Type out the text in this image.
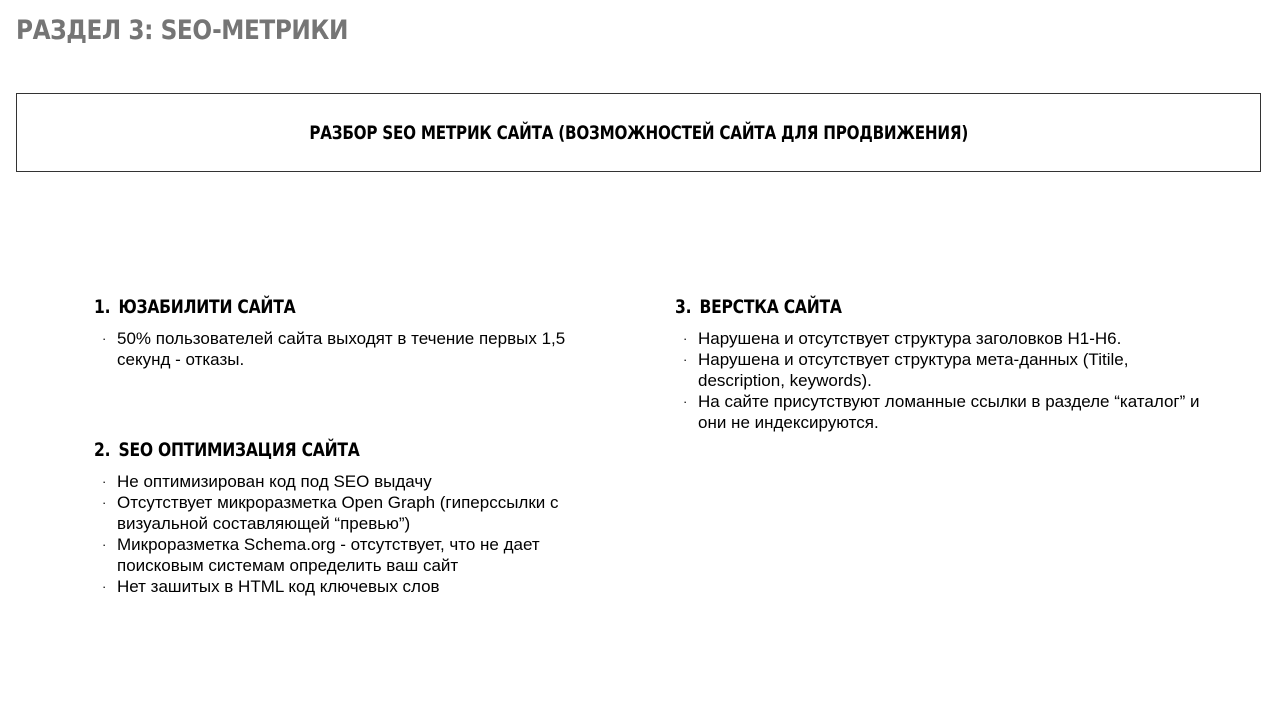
РАЗДЕЛ 3: SEO-МЕТРИКИ
РАЗБОР SEO МЕТРИК САЙТА (ВОЗМОЖНОСТЕЙ САЙТА ДЛЯ ПРОДВИЖЕНИЯ)
1. ЮЗАБИЛИТИ САЙТА
· 50% пользователей сайта выходят в течение первых 1,5 секунд - отказы.
2. SEO ОПТИМИЗАЦИЯ САЙТА
· Не оптимизирован код под SEO выдачу
· Отсутствует микроразметка Open Graph (гиперссылки с визуальной составляющей “превью”)
· Микроразметка Schema.org - отсутствует, что не дает поисковым системам определить ваш сайт
· Нет зашитых в HTML код ключевых слов
3. ВЕРСТКА САЙТА
· Нарушена и отсутствует структура заголовков H1-H6.
· Нарушена и отсутствует структура мета-данных (Titile, description, keywords).
· На сайте присутствуют ломанные ссылки в разделе “каталог” и они не индексируются.
